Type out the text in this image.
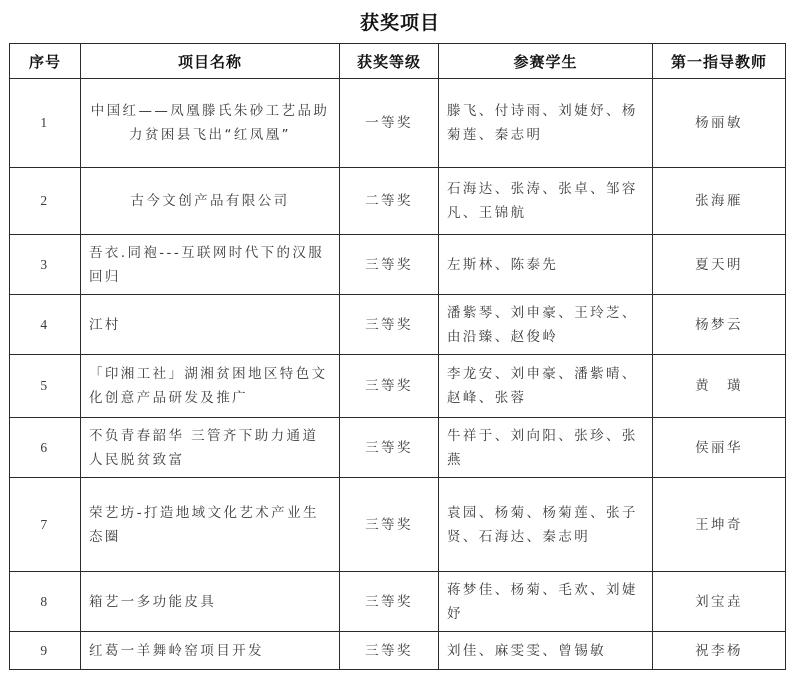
获奖项目
序号	项目名称	获奖等级	参赛学生	第一指导教师
1	中国红——凤凰滕氏朱砂工艺品助力贫困县飞出“红凤凰”	一等奖	滕飞、付诗雨、刘婕妤、杨菊莲、秦志明	杨丽敏
2	古今文创产品有限公司	二等奖	石海达、张涛、张卓、邹容凡、王锦航	张海雁
3	吾衣.同袍---互联网时代下的汉服回归	三等奖	左斯林、陈泰先	夏天明
4	江村	三等奖	潘紫琴、刘申豪、王玲芝、由沿臻、赵俊岭	杨梦云
5	「印湘工社」湖湘贫困地区特色文化创意产品研发及推广	三等奖	李龙安、刘申豪、潘紫晴、赵峰、张蓉	黄　璜
6	不负青春韶华 三管齐下助力通道人民脱贫致富	三等奖	牛祥于、刘向阳、张珍、张燕	侯丽华
7	荣艺坊-打造地域文化艺术产业生态圈	三等奖	袁园、杨菊、杨菊莲、张子贤、石海达、秦志明	王坤奇
8	箱艺一多功能皮具	三等奖	蒋梦佳、杨菊、毛欢、刘婕妤	刘宝垚
9	红葛一羊舞岭窑项目开发	三等奖	刘佳、麻雯雯、曾锡敏	祝李杨
